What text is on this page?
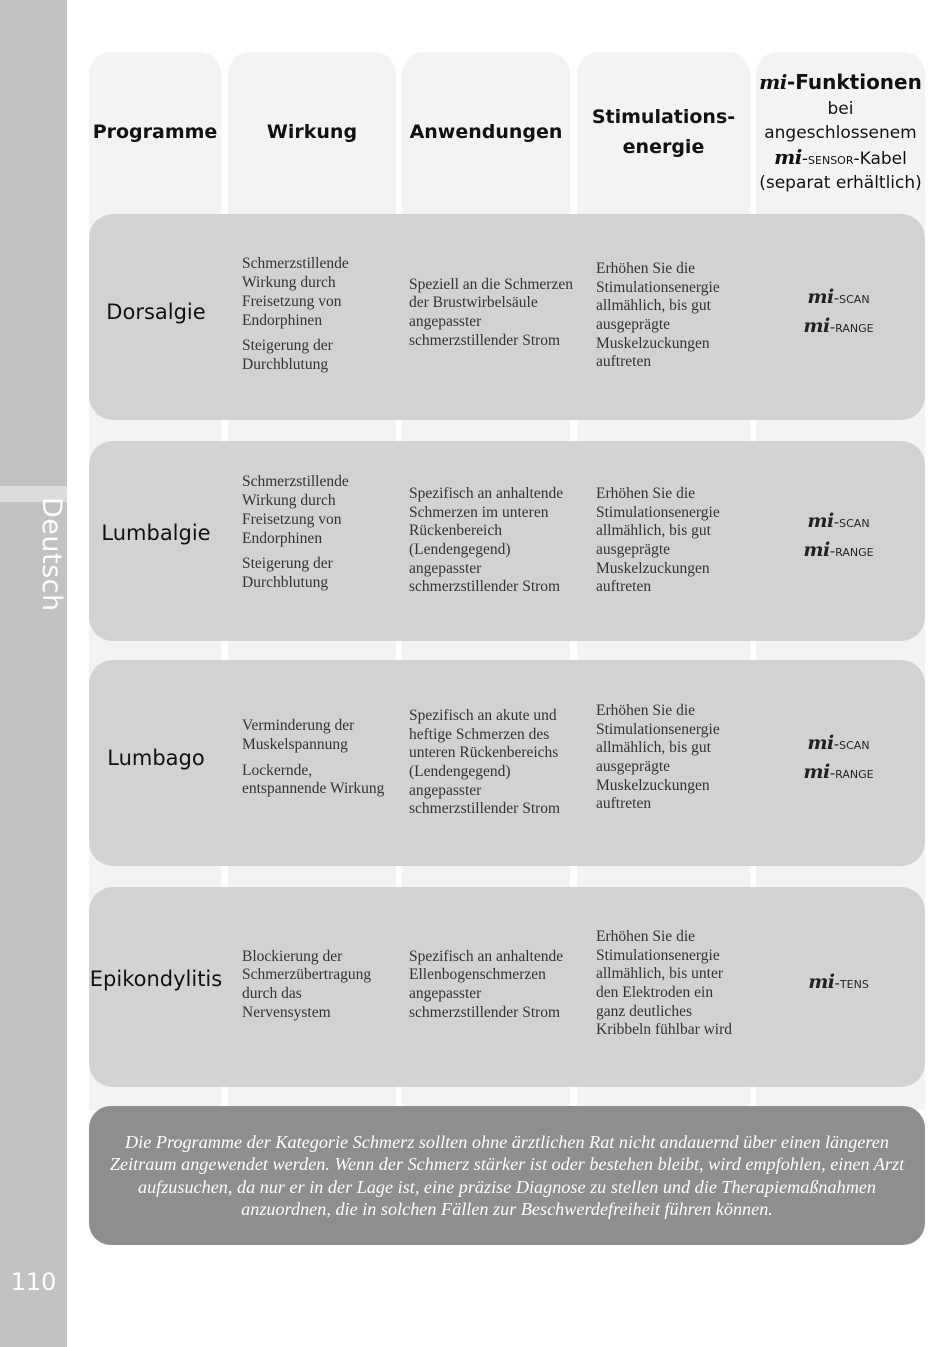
Deutsch
110
Programme	Wirkung	Anwendungen
Stimulations-
energie
mi-Funktionen
bei
angeschlossenem
mi-sensor-Kabel
(separat erhältlich)
Dorsalgie

Schmerzstillende Wirkung durch Freisetzung von Endorphinen

Steigerung der Durchblutung

Speziell an die Schmerzen der Brustwirbelsäule angepasster schmerzstillender Strom
Erhöhen Sie die Stimulationsenergie allmählich, bis gut ausgeprägte Muskelzuckungen auftreten
mi-scan
mi-range
Lumbalgie

Schmerzstillende Wirkung durch Freisetzung von Endorphinen

Steigerung der Durchblutung

Spezifisch an anhaltende Schmerzen im unteren Rückenbereich (Lendengegend) angepasster schmerzstillender Strom
Erhöhen Sie die Stimulationsenergie allmählich, bis gut ausgeprägte Muskelzuckungen auftreten
mi-scan
mi-range
Lumbago

Verminderung der Muskelspannung

Lockernde, entspannende Wirkung

Spezifisch an akute und heftige Schmerzen des unteren Rückenbereichs (Lendengegend) angepasster schmerzstillender Strom
Erhöhen Sie die Stimulationsenergie allmählich, bis gut ausgeprägte Muskelzuckungen auftreten
mi-scan
mi-range
Epikondylitis

Blockierung der Schmerzübertragung durch das Nervensystem

Spezifisch an anhaltende Ellenbogenschmerzen angepasster schmerzstillender Strom
Erhöhen Sie die Stimulationsenergie allmählich, bis unter den Elektroden ein ganz deutliches Kribbeln fühlbar wird
mi-tens

Die Programme der Kategorie Schmerz sollten ohne ärztlichen Rat nicht andauernd über einen längeren Zeitraum angewendet werden. Wenn der Schmerz stärker ist oder bestehen bleibt, wird empfohlen, einen Arzt aufzusuchen, da nur er in der Lage ist, eine präzise Diagnose zu stellen und die Therapiemaßnahmen anzuordnen, die in solchen Fällen zur Beschwerdefreiheit führen können.
